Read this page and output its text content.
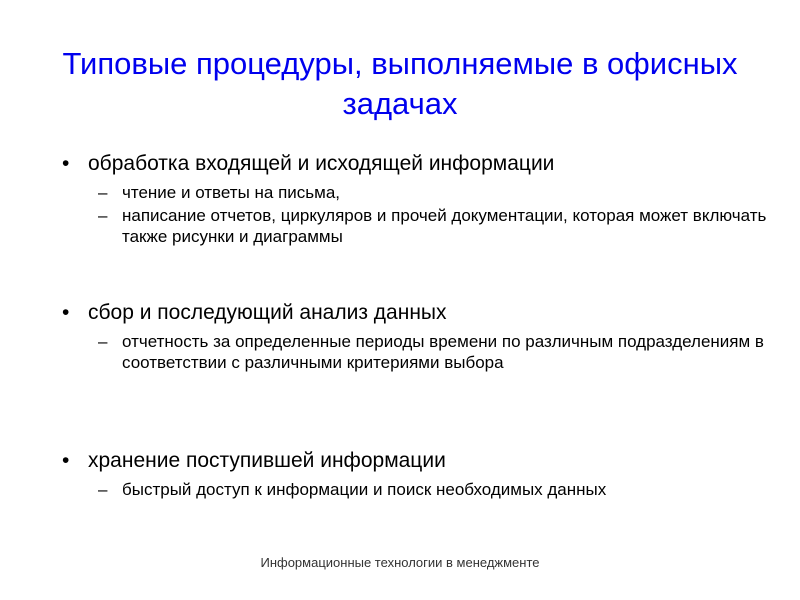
Типовые процедуры, выполняемые в офисных задачах
• обработка входящей и исходящей информации
– чтение и ответы на письма,
– написание отчетов, циркуляров и прочей документации, которая может включать также рисунки и диаграммы
• сбор и последующий анализ данных
– отчетность за определенные периоды времени по различным подразделениям в соответствии с различными критериями выбора
• хранение поступившей информации
– быстрый доступ к информации и поиск необходимых данных
Информационные технологии в менеджменте
